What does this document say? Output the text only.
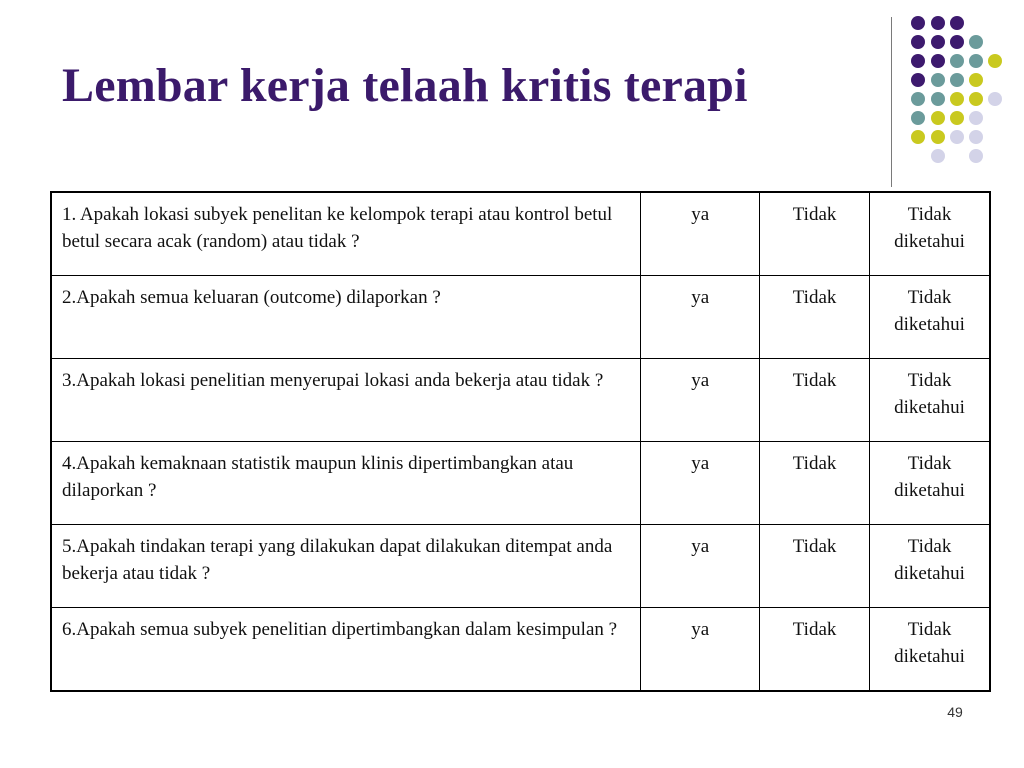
Lembar kerja telaah kritis terapi
1. Apakah lokasi subyek penelitan ke kelompok terapi atau kontrol betul betul secara acak (random) atau tidak ?	ya	Tidak	Tidak diketahui
2.Apakah semua keluaran (outcome) dilaporkan ?	ya	Tidak	Tidak diketahui
3.Apakah lokasi penelitian menyerupai lokasi anda bekerja atau tidak ?	ya	Tidak	Tidak diketahui
4.Apakah kemaknaan statistik maupun klinis dipertimbangkan atau dilaporkan ?	ya	Tidak	Tidak diketahui
5.Apakah tindakan terapi yang dilakukan dapat dilakukan ditempat anda bekerja atau tidak ?	ya	Tidak	Tidak diketahui
6.Apakah semua subyek penelitian dipertimbangkan dalam kesimpulan ?	ya	Tidak	Tidak diketahui
49
